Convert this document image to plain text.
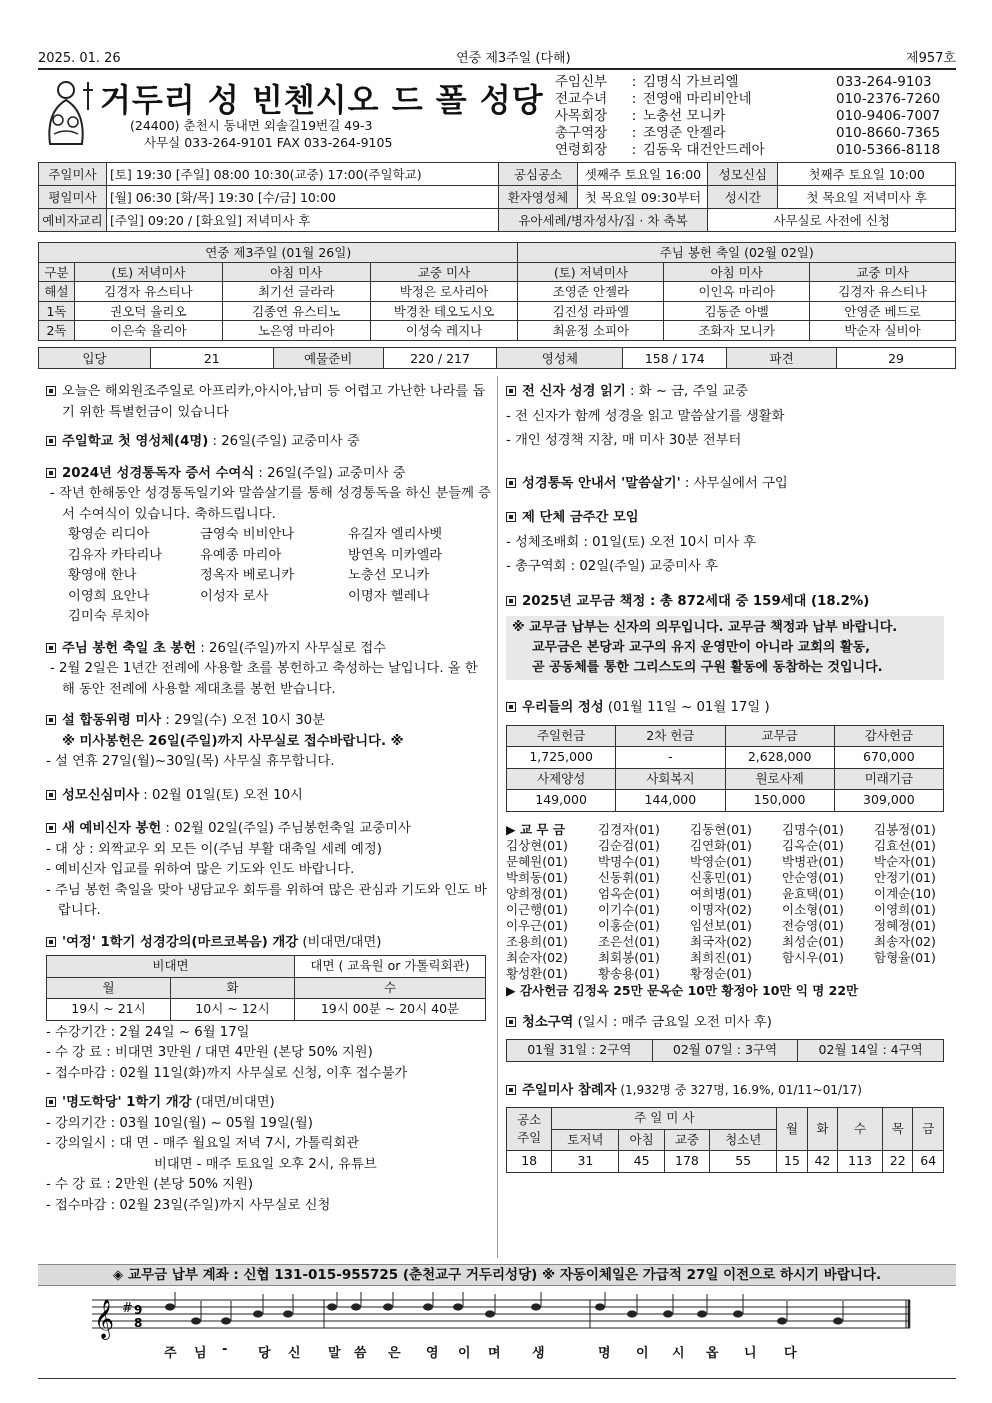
2025. 01. 26	연중 제3주일 (다해)	제957호
거두리 성 빈첸시오 드 폴 성당
(24400) 춘천시 동내면 외솔길19번길 49-3
사무실 033-264-9101 FAX 033-264-9105
주임신부	: 김명식 가브리엘	033-264-9103
전교수녀	: 전영애 마리비안네	010-2376-7260
사목회장	: 노충선 모니카	010-9406-7007
총구역장	: 조영준 안젤라	010-8660-7365
연령회장	: 김동욱 대건안드레아	010-5366-8118
주일미사	[토] 19:30 [주일] 08:00 10:30(교중) 17:00(주일학교)	공심공소	셋째주 토요일 16:00	성모신심	첫째주 토요일 10:00
평일미사	[월] 06:30 [화/목] 19:30 [수/금] 10:00	환자영성체	첫 목요일 09:30부터	성시간	첫 목요일 저녁미사 후
예비자교리	[주일] 09:20 / [화요일] 저녁미사 후	유아세례/병자성사/집 · 차 축복		사무실로 사전에 신청	
연중 제3주일 (01월 26일)				주님 봉헌 축일 (02월 02일)		
구분	(토) 저녁미사	아침 미사	교중 미사	(토) 저녁미사	아침 미사	교중 미사
해설	김경자 유스티나	최기선 글라라	박정은 로사리아	조영준 안젤라	이인옥 마리아	김경자 유스티나
1독	권오덕 율리오	김종연 유스티노	박경찬 테오도시오	김진성 라파엘	김동준 아벨	안영준 베드로
2독	이은숙 율리아	노은영 마리아	이성숙 레지나	최윤정 소피아	조화자 모니카	박순자 실비아
입당	21	예물준비	220 / 217	영성체	158 / 174	파견	29
오늘은 해외원조주일로 아프리카,아시아,남미 등 어렵고 가난한 나라를 돕기 위한 특별헌금이 있습니다
주일학교 첫 영성체(4명) : 26일(주일) 교중미사 중
2024년 성경통독자 증서 수여식 : 26일(주일) 교중미사 중
- 작년 한해동안 성경통독일기와 말씀살기를 통해 성경통독을 하신 분들께 증서 수여식이 있습니다. 축하드립니다.
황영순 리디아	금영숙 비비안나	유길자 엘리사벳
김유자 카타리나	유예종 마리아	방연옥 미카엘라
황영애 한나	정옥자 베로니카	노충선 모니카
이영희 요안나	이성자 로사	이명자 헬레나
김미숙 루치아
주님 봉헌 축일 초 봉헌 : 26일(주일)까지 사무실로 접수
- 2월 2일은 1년간 전례에 사용할 초를 봉헌하고 축성하는 날입니다. 올 한 해 동안 전례에 사용할 제대초를 봉헌 받습니다.
설 합동위령 미사 : 29일(수) 오전 10시 30분
※ 미사봉헌은 26일(주일)까지 사무실로 접수바랍니다. ※
- 설 연휴 27일(월)~30일(목) 사무실 휴무합니다.
성모신심미사 : 02월 01일(토) 오전 10시
새 예비신자 봉헌 : 02월 02일(주일) 주님봉헌축일 교중미사
- 대 상 : 외짝교우 외 모든 이(주님 부활 대축일 세례 예정)
- 예비신자 입교를 위하여 많은 기도와 인도 바랍니다.
- 주님 봉헌 축일을 맞아 냉담교우 회두를 위하여 많은 관심과 기도와 인도 바랍니다.
'여정' 1학기 성경강의(마르코복음) 개강 (비대면/대면)
비대면		대면 ( 교육원 or 가톨릭회관)
월	화	수
19시 ~ 21시	10시 ~ 12시	19시 00분 ~ 20시 40분
- 수강기간 : 2월 24일 ~ 6월 17일
- 수 강 료 : 비대면 3만원 / 대면 4만원 (본당 50% 지원)
- 접수마감 : 02월 11일(화)까지 사무실로 신청, 이후 접수불가
'명도학당' 1학기 개강 (대면/비대면)
- 강의기간 : 03월 10일(월) ~ 05월 19일(월)
- 강의일시 : 대 면 - 매주 월요일 저녁 7시, 가톨릭회관
비대면 - 매주 토요일 오후 2시, 유튜브
- 수 강 료 : 2만원 (본당 50% 지원)
- 접수마감 : 02월 23일(주일)까지 사무실로 신청
전 신자 성경 읽기 : 화 ~ 금, 주일 교중
- 전 신자가 함께 성경을 읽고 말씀살기를 생활화
- 개인 성경책 지참, 매 미사 30분 전부터
성경통독 안내서 '말씀살기' : 사무실에서 구입
제 단체 금주간 모임
- 성체조배회 : 01일(토) 오전 10시 미사 후
- 총구역회 : 02일(주일) 교중미사 후
2025년 교무금 책정 : 총 872세대 중 159세대 (18.2%)
※ 교무금 납부는 신자의 의무입니다. 교무금 책정과 납부 바랍니다.
교무금은 본당과 교구의 유지 운영만이 아니라 교회의 활동,
곧 공동체를 통한 그리스도의 구원 활동에 동참하는 것입니다.
우리들의 정성 (01월 11일 ~ 01월 17일 )
주일헌금	2차 헌금	교무금	감사헌금
1,725,000	-	2,628,000	670,000
사제양성	사회복지	원로사제	미래기금
149,000	144,000	150,000	309,000
▶ 교 무 금	김경자(01)	김동현(01)	김명수(01)	김봉정(01)
김상현(01)	김순검(01)	김연화(01)	김옥순(01)	김효선(01)
문혜원(01)	박명수(01)	박영순(01)	박병관(01)	박순자(01)
박희동(01)	신동휘(01)	신홍민(01)	안순영(01)	안정기(01)
양희정(01)	엄옥순(01)	여희병(01)	윤효택(01)	이계순(10)
이근행(01)	이기수(01)	이명자(02)	이소형(01)	이영희(01)
이우근(01)	이홍순(01)	임선보(01)	전승영(01)	정혜정(01)
조용희(01)	조은선(01)	최국자(02)	최성순(01)	최송자(02)
최순자(02)	최회봉(01)	최희진(01)	함시우(01)	함형율(01)
황성환(01)	황송용(01)	황정순(01)
▶ 감사헌금 김정옥 25만 문옥순 10만 황정아 10만 익 명 22만
청소구역 (일시 : 매주 금요일 오전 미사 후)
01월 31일 : 2구역	02월 07일 : 3구역	02월 14일 : 4구역
주일미사 참례자 (1,932명 중 327명, 16.9%, 01/11~01/17)
공소
주일	주 일 미 사				월	화	수	목	금
	토저녁	아침	교중	청소년					
18	31	45	178	55	15	42	113	22	64
◈ 교무금 납부 계좌 : 신협 131-015-955725 (춘천교구 거두리성당) ※ 자동이체일은 가급적 27일 이전으로 하시기 바랍니다.
𝄞 # 9
8
주 님 - 당 신 말 씀 은 영 이 며 생	명 이 시 옵 니 다
